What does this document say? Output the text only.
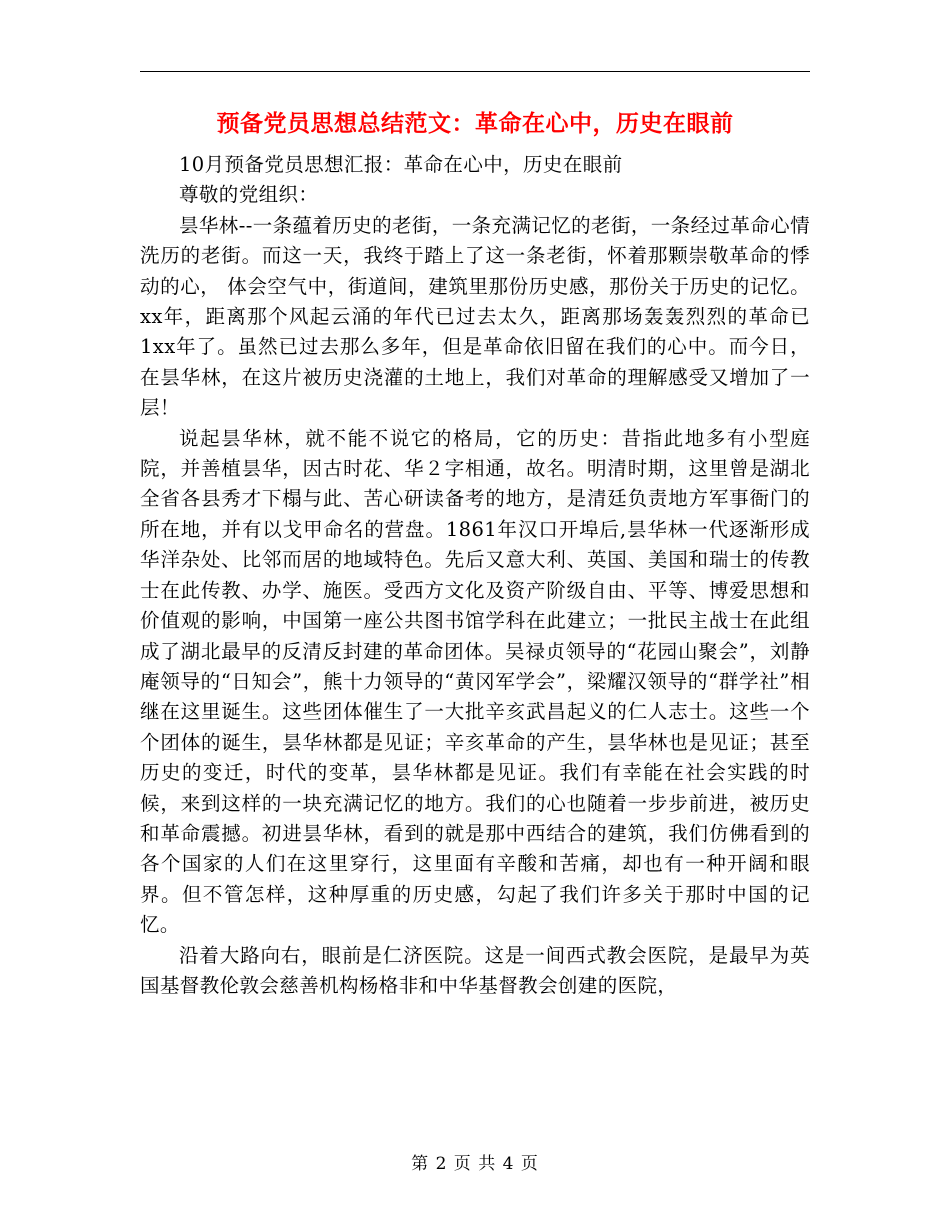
预备党员思想总结范文：革命在心中，历史在眼前

10月预备党员思想汇报：革命在心中，历史在眼前

尊敬的党组织：

昙华林--一条蕴着历史的老街，一条充满记忆的老街，一条经过革命心情洗历的老街。而这一天，我终于踏上了这一条老街，怀着那颗崇敬革命的悸动的心， 体会空气中，街道间，建筑里那份历史感，那份关于历史的记忆。xx年，距离那个风起云涌的年代已过去太久，距离那场轰轰烈烈的革命已1xx年了。虽然已过去那么多年，但是革命依旧留在我们的心中。而今日，在昙华林，在这片被历史浇灌的土地上，我们对革命的理解感受又增加了一层！

说起昙华林，就不能不说它的格局，它的历史：昔指此地多有小型庭院，并善植昙华，因古时花、华２字相通，故名。明清时期，这里曾是湖北全省各县秀才下榻与此、苦心研读备考的地方，是清廷负责地方军事衙门的所在地，并有以戈甲命名的营盘。1861年汉口开埠后,昙华林一代逐渐形成华洋杂处、比邻而居的地域特色。先后又意大利、英国、美国和瑞士的传教士在此传教、办学、施医。受西方文化及资产阶级自由、平等、博爱思想和价值观的影响，中国第一座公共图书馆学科在此建立；一批民主战士在此组成了湖北最早的反清反封建的革命团体。吴禄贞领导的“花园山聚会”，刘静庵领导的“日知会”，熊十力领导的“黄冈军学会”，梁耀汉领导的“群学社”相继在这里诞生。这些团体催生了一大批辛亥武昌起义的仁人志士。这些一个个团体的诞生，昙华林都是见证；辛亥革命的产生，昙华林也是见证；甚至历史的变迁，时代的变革，昙华林都是见证。我们有幸能在社会实践的时候，来到这样的一块充满记忆的地方。我们的心也随着一步步前进，被历史和革命震撼。初进昙华林，看到的就是那中西结合的建筑，我们仿佛看到的各个国家的人们在这里穿行，这里面有辛酸和苦痛，却也有一种开阔和眼界。但不管怎样，这种厚重的历史感，勾起了我们许多关于那时中国的记忆。

沿着大路向右，眼前是仁济医院。这是一间西式教会医院，是最早为英国基督教伦敦会慈善机构杨格非和中华基督教会创建的医院，

第 2 页 共 4 页
